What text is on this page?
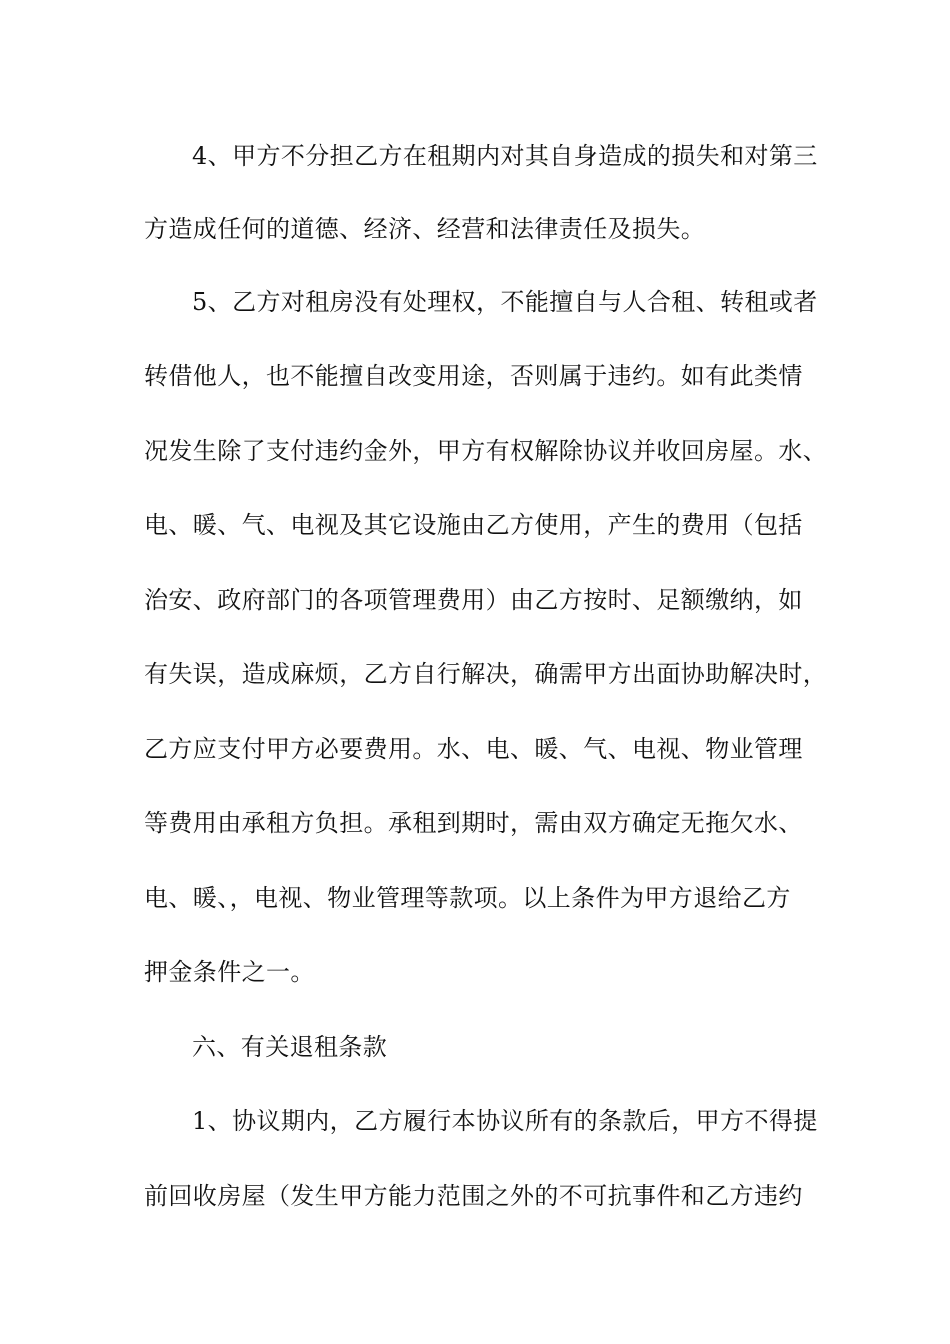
4、甲方不分担乙方在租期内对其自身造成的损失和对第三
方造成任何的道德、经济、经营和法律责任及损失。
5、乙方对租房没有处理权，不能擅自与人合租、转租或者
转借他人，也不能擅自改变用途，否则属于违约。如有此类情
况发生除了支付违约金外，甲方有权解除协议并收回房屋。水、
电、暖、气、电视及其它设施由乙方使用，产生的费用（包括
治安、政府部门的各项管理费用）由乙方按时、足额缴纳，如
有失误，造成麻烦，乙方自行解决，确需甲方出面协助解决时，
乙方应支付甲方必要费用。水、电、暖、气、电视、物业管理
等费用由承租方负担。承租到期时，需由双方确定无拖欠水、
电、暖、，电视、物业管理等款项。以上条件为甲方退给乙方
押金条件之一。
六、有关退租条款
1、协议期内，乙方履行本协议所有的条款后，甲方不得提
前回收房屋（发生甲方能力范围之外的不可抗事件和乙方违约
